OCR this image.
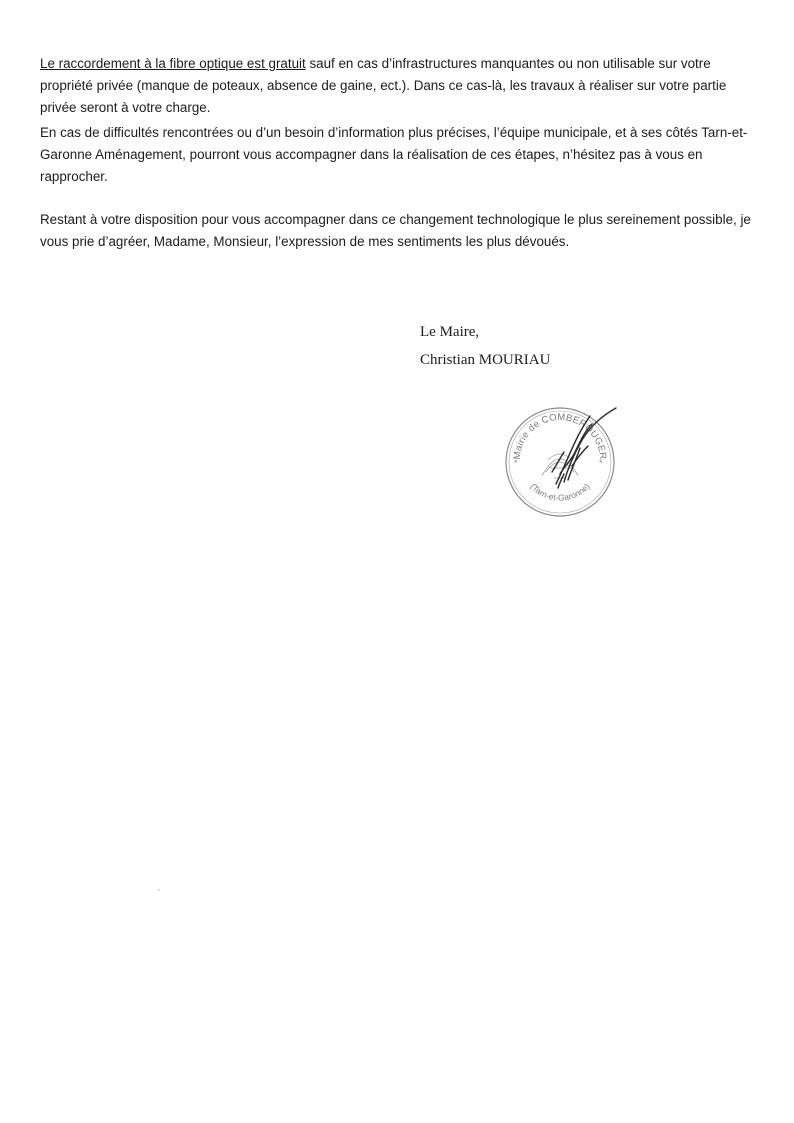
Le raccordement à la fibre optique est gratuit sauf en cas d’infrastructures manquantes ou non utilisable sur votre propriété privée (manque de poteaux, absence de gaine, ect.). Dans ce cas-là, les travaux à réaliser sur votre partie privée seront à votre charge.

En cas de difficultés rencontrées ou d’un besoin d’information plus précises, l’équipe municipale, et à ses côtés Tarn-et-Garonne Aménagement, pourront vous accompagner dans la réalisation de ces étapes, n’hésitez pas à vous en rapprocher.

Restant à votre disposition pour vous accompagner dans ce changement technologique le plus sereinement possible, je vous prie d’agréer, Madame, Monsieur, l’expression de mes sentiments les plus dévoués.

Le Maire,
Christian MOURIAU
Mairie de COMBEROUGER
(Tarn-et-Garonne)
*	*
